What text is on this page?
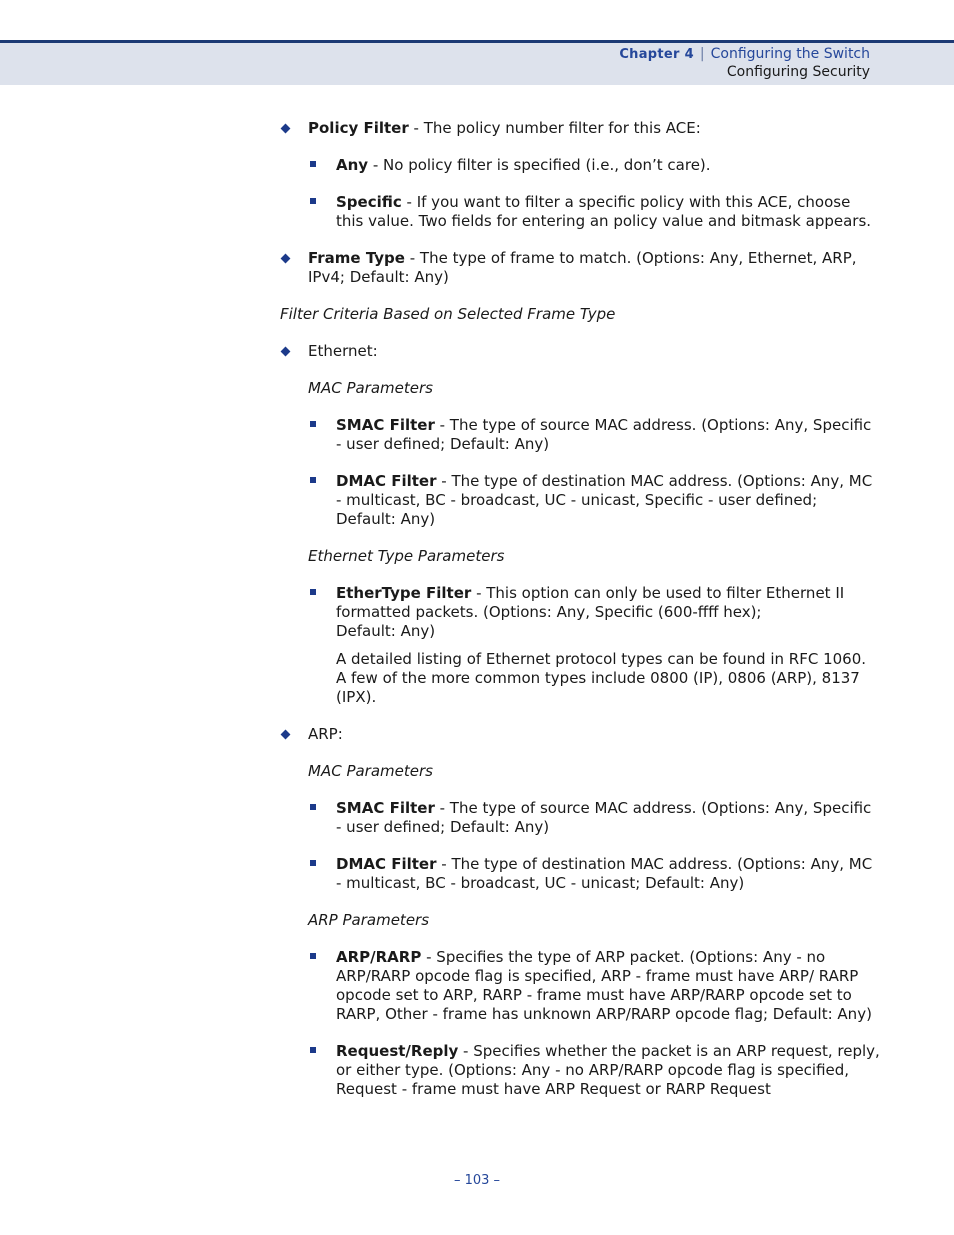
Chapter 4 | Configuring the Switch
Configuring Security
Policy Filter - The policy number filter for this ACE:
Any - No policy filter is specified (i.e., don’t care).
Specific - If you want to filter a specific policy with this ACE, choose this value. Two fields for entering an policy value and bitmask appears.
Frame Type - The type of frame to match. (Options: Any, Ethernet, ARP, IPv4; Default: Any)
Filter Criteria Based on Selected Frame Type
Ethernet:
MAC Parameters
SMAC Filter - The type of source MAC address. (Options: Any, Specific - user defined; Default: Any)
DMAC Filter - The type of destination MAC address. (Options: Any, MC - multicast, BC - broadcast, UC - unicast, Specific - user defined; Default: Any)
Ethernet Type Parameters
EtherType Filter - This option can only be used to filter Ethernet II formatted packets. (Options: Any, Specific (600-ffff hex);
Default: Any)
A detailed listing of Ethernet protocol types can be found in RFC 1060. A few of the more common types include 0800 (IP), 0806 (ARP), 8137 (IPX).
ARP:
MAC Parameters
SMAC Filter - The type of source MAC address. (Options: Any, Specific - user defined; Default: Any)
DMAC Filter - The type of destination MAC address. (Options: Any, MC - multicast, BC - broadcast, UC - unicast; Default: Any)
ARP Parameters
ARP/RARP - Specifies the type of ARP packet. (Options: Any - no ARP/RARP opcode flag is specified, ARP - frame must have ARP/ RARP opcode set to ARP, RARP - frame must have ARP/RARP opcode set to RARP, Other - frame has unknown ARP/RARP opcode flag; Default: Any)
Request/Reply - Specifies whether the packet is an ARP request, reply, or either type. (Options: Any - no ARP/RARP opcode flag is specified, Request - frame must have ARP Request or RARP Request
– 103 –
